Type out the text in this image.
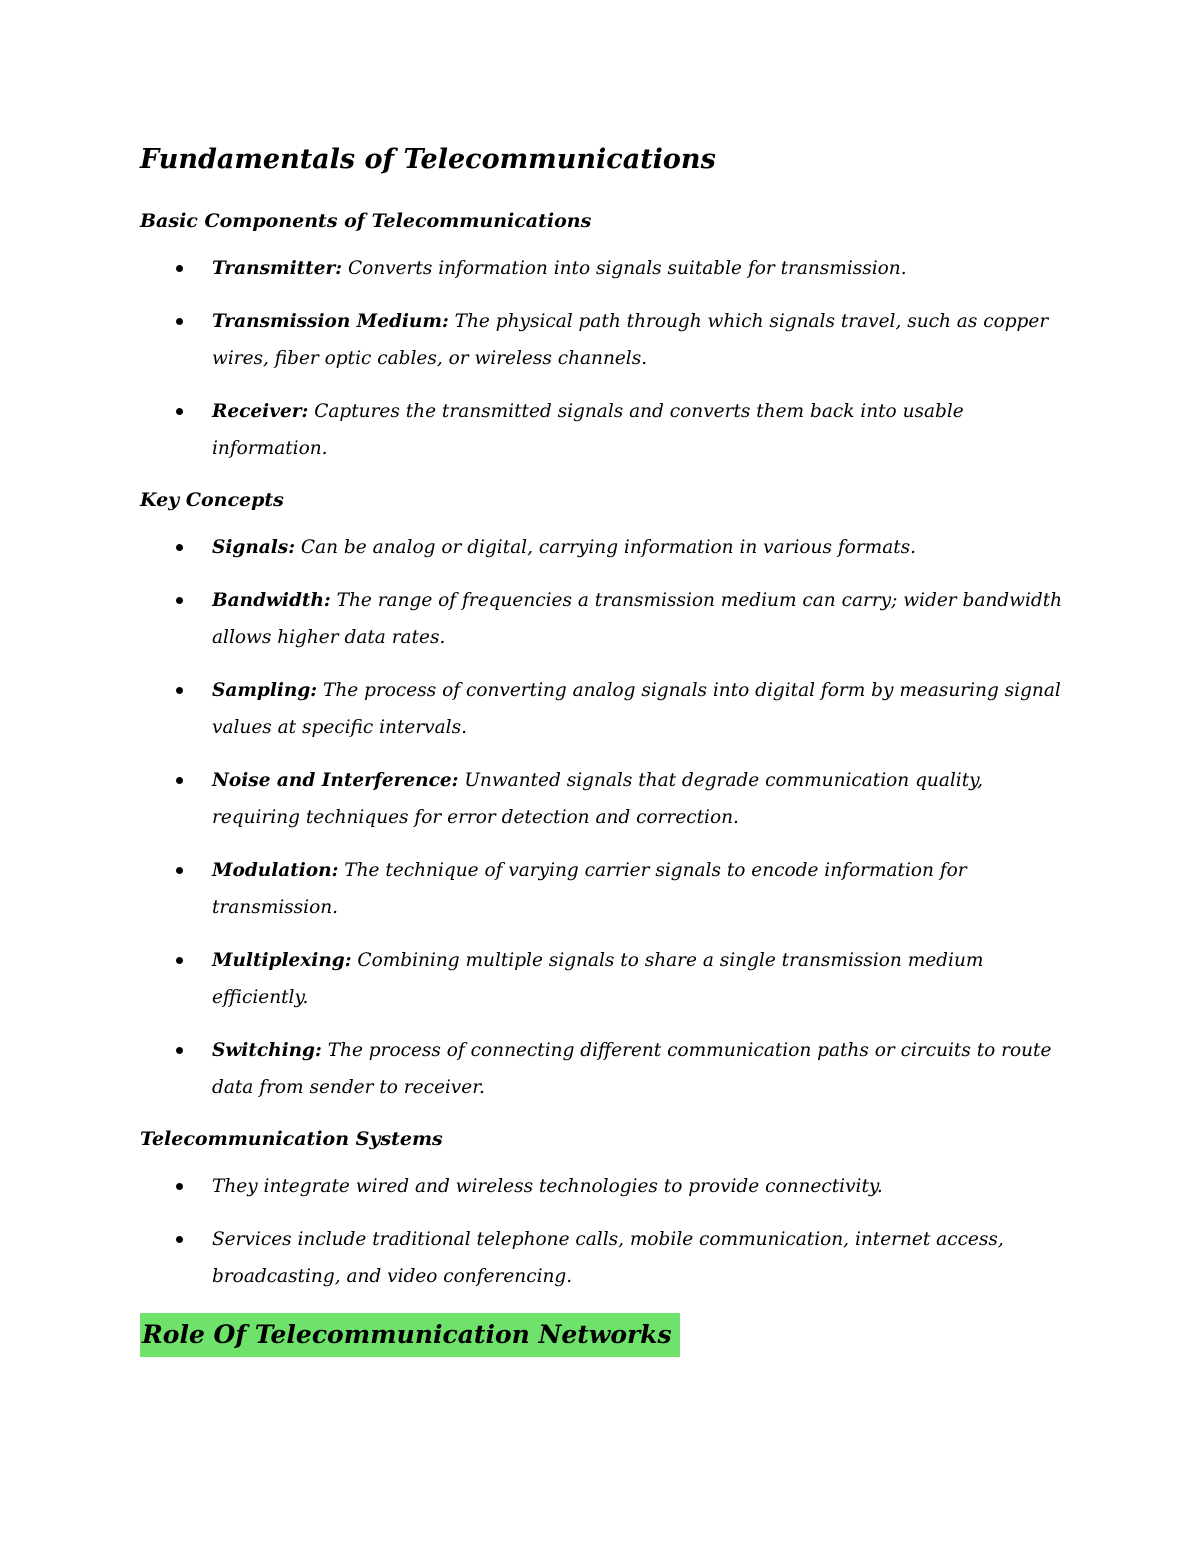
Fundamentals of Telecommunications
Basic Components of Telecommunications
Transmitter: Converts information into signals suitable for transmission.
Transmission Medium: The physical path through which signals travel, such as copper wires, fiber optic cables, or wireless channels.
Receiver: Captures the transmitted signals and converts them back into usable information.
Key Concepts
Signals: Can be analog or digital, carrying information in various formats.
Bandwidth: The range of frequencies a transmission medium can carry; wider bandwidth allows higher data rates.
Sampling: The process of converting analog signals into digital form by measuring signal values at specific intervals.
Noise and Interference: Unwanted signals that degrade communication quality, requiring techniques for error detection and correction.
Modulation: The technique of varying carrier signals to encode information for transmission.
Multiplexing: Combining multiple signals to share a single transmission medium efficiently.
Switching: The process of connecting different communication paths or circuits to route data from sender to receiver.
Telecommunication Systems
They integrate wired and wireless technologies to provide connectivity.
Services include traditional telephone calls, mobile communication, internet access, broadcasting, and video conferencing.
Role Of Telecommunication Networks
